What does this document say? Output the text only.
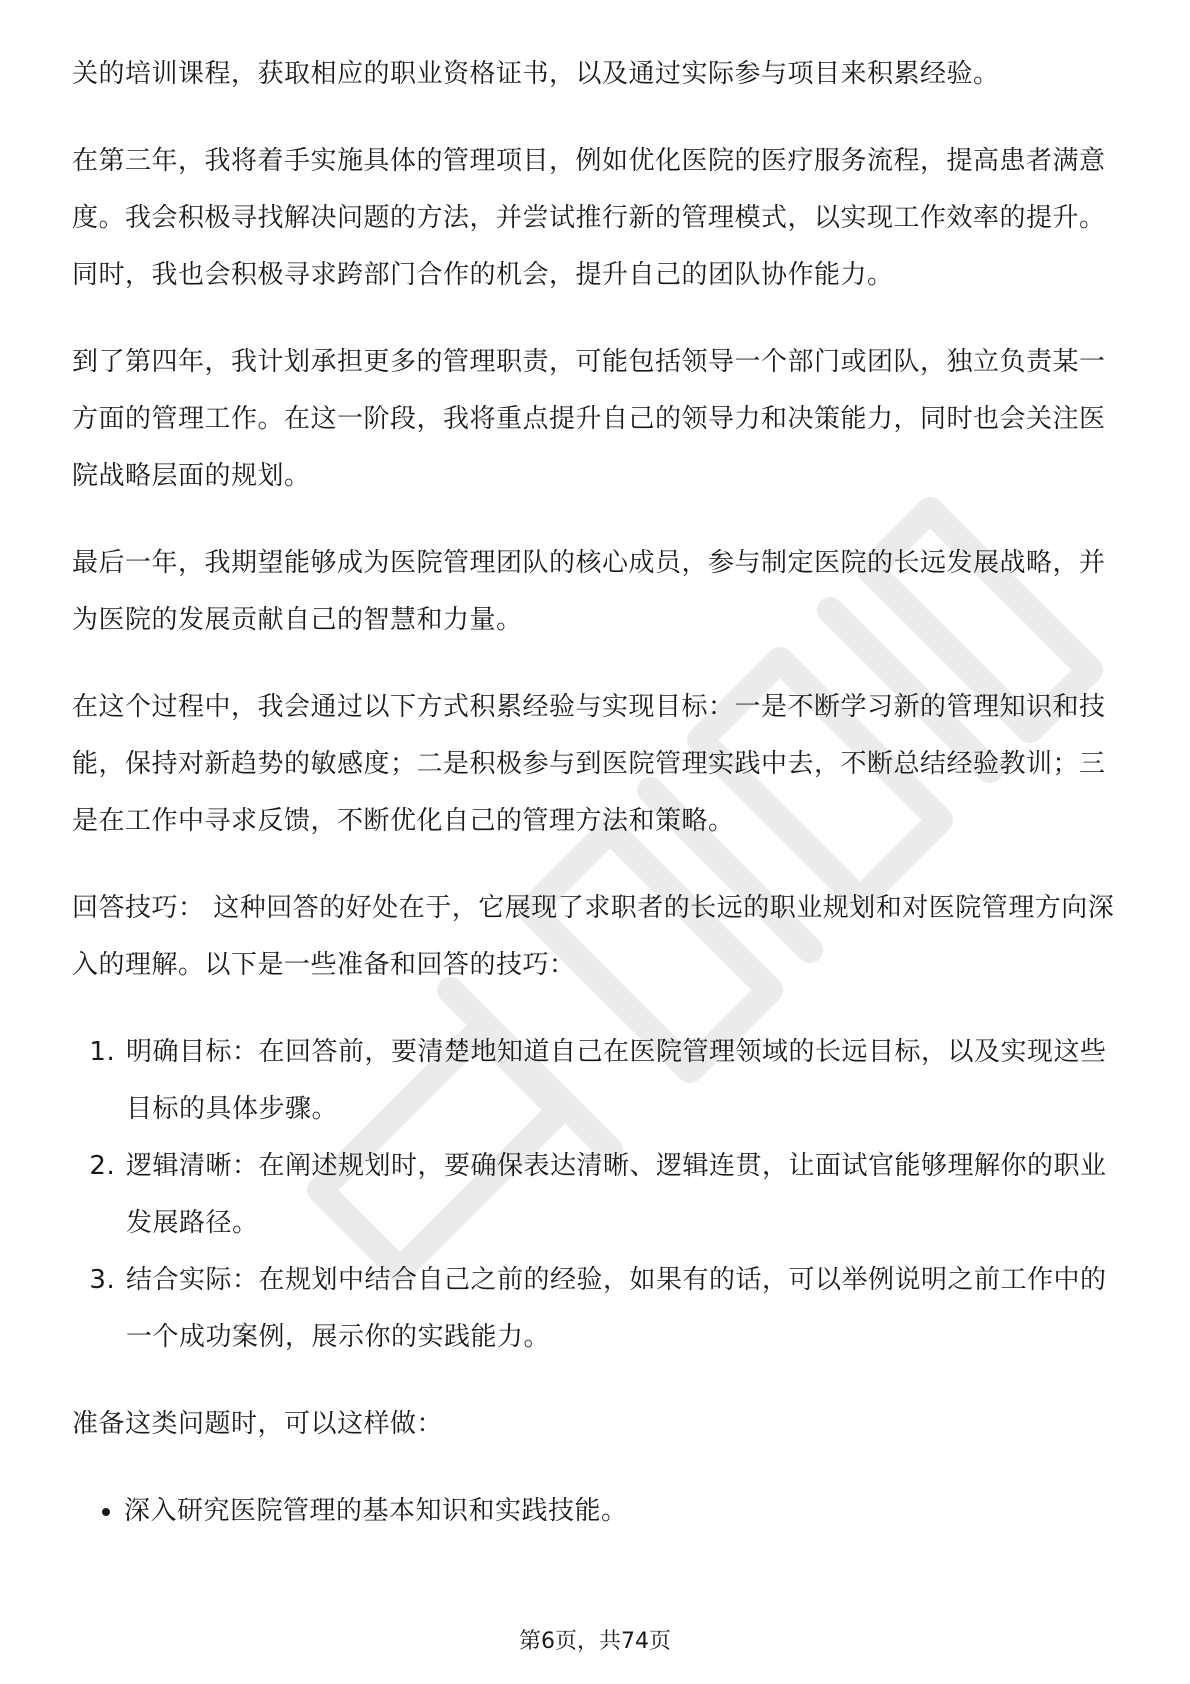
关的培训课程，获取相应的职业资格证书，以及通过实际参与项目来积累经验。

在第三年，我将着手实施具体的管理项目，例如优化医院的医疗服务流程，提高患者满意度。我会积极寻找解决问题的方法，并尝试推行新的管理模式，以实现工作效率的提升。同时，我也会积极寻求跨部门合作的机会，提升自己的团队协作能力。

到了第四年，我计划承担更多的管理职责，可能包括领导一个部门或团队，独立负责某一方面的管理工作。在这一阶段，我将重点提升自己的领导力和决策能力，同时也会关注医院战略层面的规划。

最后一年，我期望能够成为医院管理团队的核心成员，参与制定医院的长远发展战略，并为医院的发展贡献自己的智慧和力量。

在这个过程中，我会通过以下方式积累经验与实现目标：一是不断学习新的管理知识和技能，保持对新趋势的敏感度；二是积极参与到医院管理实践中去，不断总结经验教训；三是在工作中寻求反馈，不断优化自己的管理方法和策略。

回答技巧： 这种回答的好处在于，它展现了求职者的长远的职业规划和对医院管理方向深入的理解。以下是一些准备和回答的技巧：

1. 明确目标：在回答前，要清楚地知道自己在医院管理领域的长远目标，以及实现这些目标的具体步骤。
2. 逻辑清晰：在阐述规划时，要确保表达清晰、逻辑连贯，让面试官能够理解你的职业发展路径。
3. 结合实际：在规划中结合自己之前的经验，如果有的话，可以举例说明之前工作中的一个成功案例，展示你的实践能力。

准备这类问题时，可以这样做：

• 深入研究医院管理的基本知识和实践技能。
第6页，共74页
